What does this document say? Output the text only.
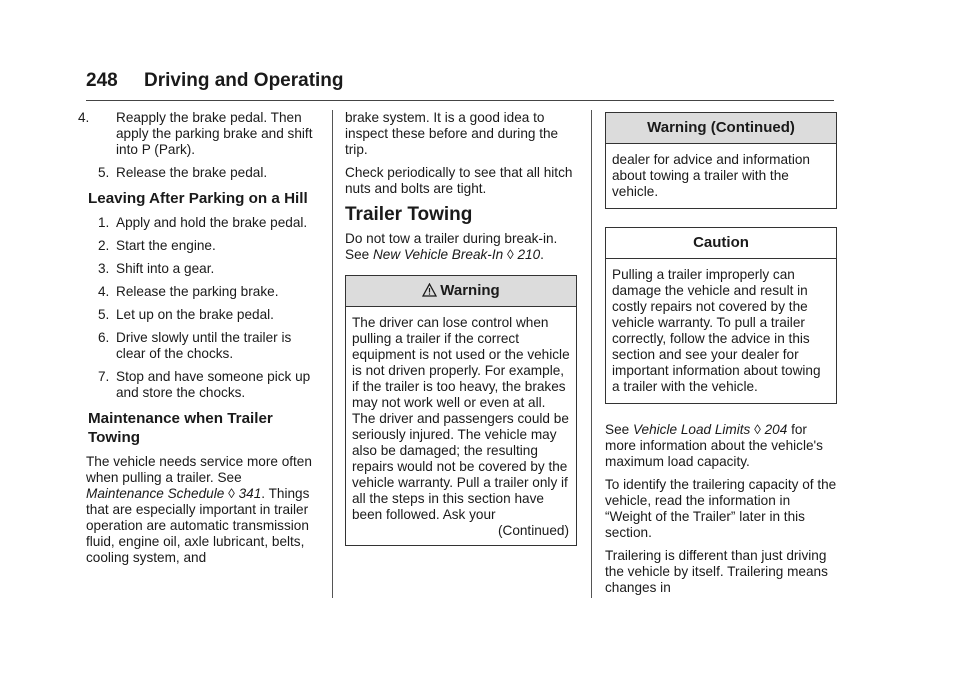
248 Driving and Operating
4. Reapply the brake pedal. Then apply the parking brake and shift into P (Park).
5. Release the brake pedal.
Leaving After Parking on a Hill
1. Apply and hold the brake pedal.
2. Start the engine.
3. Shift into a gear.
4. Release the parking brake.
5. Let up on the brake pedal.
6. Drive slowly until the trailer is clear of the chocks.
7. Stop and have someone pick up and store the chocks.
Maintenance when Trailer Towing

The vehicle needs service more often when pulling a trailer. See Maintenance Schedule ◊ 341. Things that are especially important in trailer operation are automatic transmission fluid, engine oil, axle lubricant, belts, cooling system, and

brake system. It is a good idea to inspect these before and during the trip.

Check periodically to see that all hitch nuts and bolts are tight.

Trailer Towing

Do not tow a trailer during break-in. See New Vehicle Break-In ◊ 210.

Warning

The driver can lose control when pulling a trailer if the correct equipment is not used or the vehicle is not driven properly. For example, if the trailer is too heavy, the brakes may not work well or even at all. The driver and passengers could be seriously injured. The vehicle may also be damaged; the resulting repairs would not be covered by the vehicle warranty. Pull a trailer only if all the steps in this section have been followed. Ask your

(Continued)

Warning (Continued)

dealer for advice and information about towing a trailer with the vehicle.

Caution

Pulling a trailer improperly can damage the vehicle and result in costly repairs not covered by the vehicle warranty. To pull a trailer correctly, follow the advice in this section and see your dealer for important information about towing a trailer with the vehicle.

See Vehicle Load Limits ◊ 204 for more information about the vehicle's maximum load capacity.

To identify the trailering capacity of the vehicle, read the information in “Weight of the Trailer” later in this section.

Trailering is different than just driving the vehicle by itself. Trailering means changes in
